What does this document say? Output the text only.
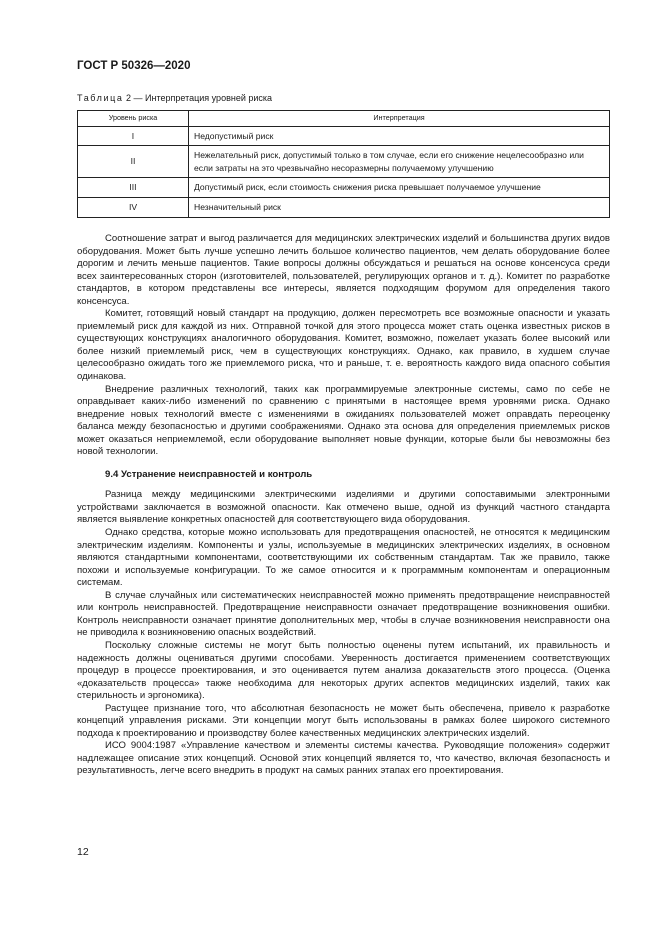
ГОСТ Р 50326—2020
Таблица 2 — Интерпретация уровней риска
Уровень риска	Интерпретация
I	Недопустимый риск
II	Нежелательный риск, допустимый только в том случае, если его снижение нецелесообразно или если затраты на это чрезвычайно несоразмерны получаемому улучшению
III	Допустимый риск, если стоимость снижения риска превышает получаемое улучшение
IV	Незначительный риск

Соотношение затрат и выгод различается для медицинских электрических изделий и большинства других видов оборудования. Может быть лучше успешно лечить большое количество пациентов, чем делать оборудование более дорогим и лечить меньше пациентов. Такие вопросы должны обсуждаться и решаться на основе консенсуса среди всех заинтересованных сторон (изготовителей, пользователей, регулирующих органов и т. д.). Комитет по разработке стандартов, в котором представлены все интересы, является подходящим форумом для определения такого консенсуса.

Комитет, готовящий новый стандарт на продукцию, должен пересмотреть все возможные опасности и указать приемлемый риск для каждой из них. Отправной точкой для этого процесса может стать оценка известных рисков в существующих конструкциях аналогичного оборудования. Комитет, возможно, пожелает указать более высокий или более низкий приемлемый риск, чем в существующих конструкциях. Однако, как правило, в худшем случае целесообразно ожидать того же приемлемого риска, что и раньше, т. е. вероятность каждого вида опасного события одинакова.

Внедрение различных технологий, таких как программируемые электронные системы, само по себе не оправдывает каких-либо изменений по сравнению с принятыми в настоящее время уровнями риска. Однако внедрение новых технологий вместе с изменениями в ожиданиях пользователей может оправдать переоценку баланса между безопасностью и другими соображениями. Однако эта основа для определения приемлемых рисков может оказаться неприемлемой, если оборудование выполняет новые функции, которые были бы невозможны без новой технологии.

9.4 Устранение неисправностей и контроль

Разница между медицинскими электрическими изделиями и другими сопоставимыми электронными устройствами заключается в возможной опасности. Как отмечено выше, одной из функций частного стандарта является выявление конкретных опасностей для соответствующего вида оборудования.

Однако средства, которые можно использовать для предотвращения опасностей, не относятся к медицинским электрическим изделиям. Компоненты и узлы, используемые в медицинских электрических изделиях, в основном являются стандартными компонентами, соответствующими их собственным стандартам. Так же правило, также похожи и используемые конфигурации. То же самое относится и к программным компонентам и операционным системам.

В случае случайных или систематических неисправностей можно применять предотвращение неисправностей или контроль неисправностей. Предотвращение неисправности означает предотвращение возникновения ошибки. Контроль неисправности означает принятие дополнительных мер, чтобы в случае возникновения неисправности она не приводила к возникновению опасных воздействий.

Поскольку сложные системы не могут быть полностью оценены путем испытаний, их правильность и надежность должны оцениваться другими способами. Уверенность достигается применением соответствующих процедур в процессе проектирования, и это оценивается путем анализа доказательств этого процесса. (Оценка «доказательств процесса» также необходима для некоторых других аспектов медицинских изделий, таких как стерильность и эргономика).

Растущее признание того, что абсолютная безопасность не может быть обеспечена, привело к разработке концепций управления рисками. Эти концепции могут быть использованы в рамках более широкого системного подхода к проектированию и производству более качественных медицинских электрических изделий.

ИСО 9004:1987 «Управление качеством и элементы системы качества. Руководящие положения» содержит надлежащее описание этих концепций. Основой этих концепций является то, что качество, включая безопасность и результативность, легче всего внедрить в продукт на самых ранних этапах его проектирования.

12
